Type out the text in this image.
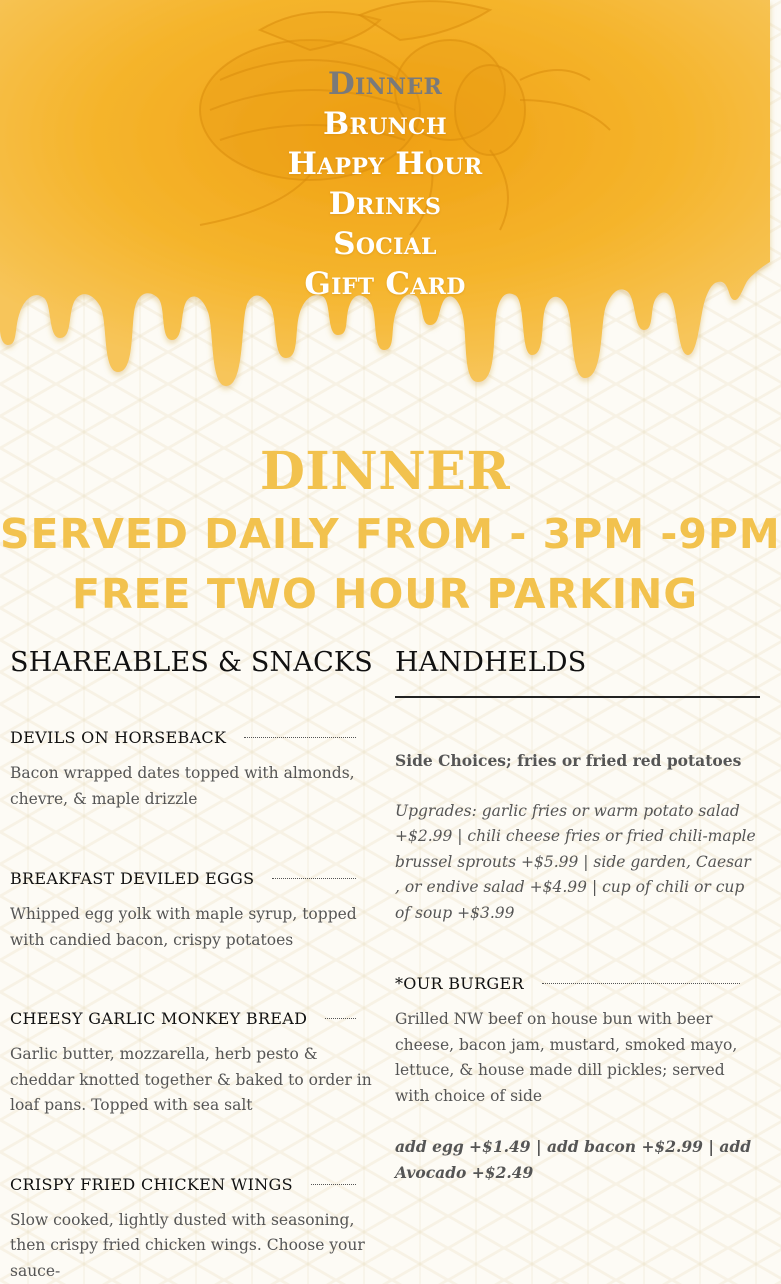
Dinner
Brunch
Happy Hour
Drinks
Social
Gift Card
DINNER
SERVED DAILY FROM - 3PM -9PM
FREE TWO HOUR PARKING
SHAREABLES & SNACKS
DEVILS ON HORSEBACK

Bacon wrapped dates topped with almonds, chevre, & maple drizzle

BREAKFAST DEVILED EGGS

Whipped egg yolk with maple syrup, topped with candied bacon, crispy potatoes

CHEESY GARLIC MONKEY BREAD

Garlic butter, mozzarella, herb pesto & cheddar knotted together & baked to order in loaf pans. Topped with sea salt

CRISPY FRIED CHICKEN WINGS

Slow cooked, lightly dusted with seasoning, then crispy fried chicken wings. Choose your sauce-

HANDHELDS

Side Choices; fries or fried red potatoes

Upgrades: garlic fries or warm potato salad +$2.99 | chili cheese fries or fried chili-maple brussel sprouts +$5.99 | side garden, Caesar , or endive salad +$4.99 | cup of chili or cup of soup +$3.99

*OUR BURGER

Grilled NW beef on house bun with beer cheese, bacon jam, mustard, smoked mayo, lettuce, & house made dill pickles; served with choice of side

add egg +$1.49 | add bacon +$2.99 | add Avocado +$2.49
